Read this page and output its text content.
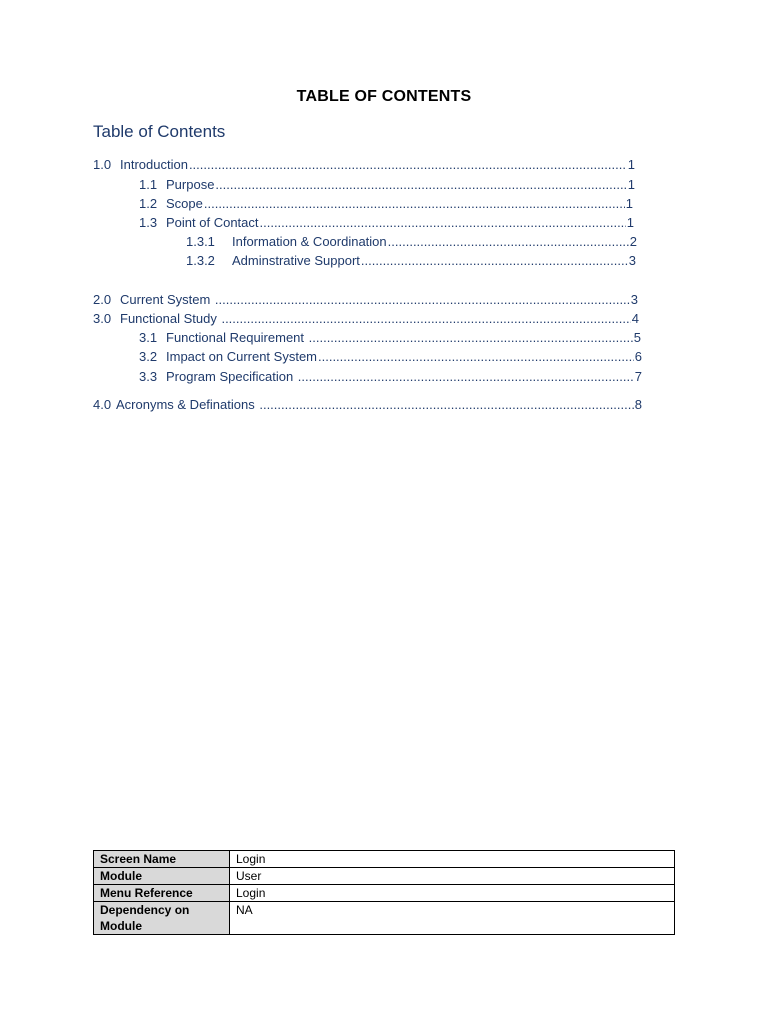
TABLE OF CONTENTS
Table of Contents
1.0 Introduction .....	1
1.1 Purpose .....	1
1.2 Scope .....	1
1.3 Point of Contact .....	1
1.3.1	Information & Coordination .....	2
1.3.2	Adminstrative Support .....	3
2.0 Current System .....	3
3.0 Functional Study .....	4
3.1 Functional Requirement .....	5
3.2 Impact on Current System .....	6
3.3 Program Specification .....	7
4.0 Acronyms & Definations .....	8
Screen Name	Login
Module	User
Menu Reference	Login
Dependency on Module	NA
